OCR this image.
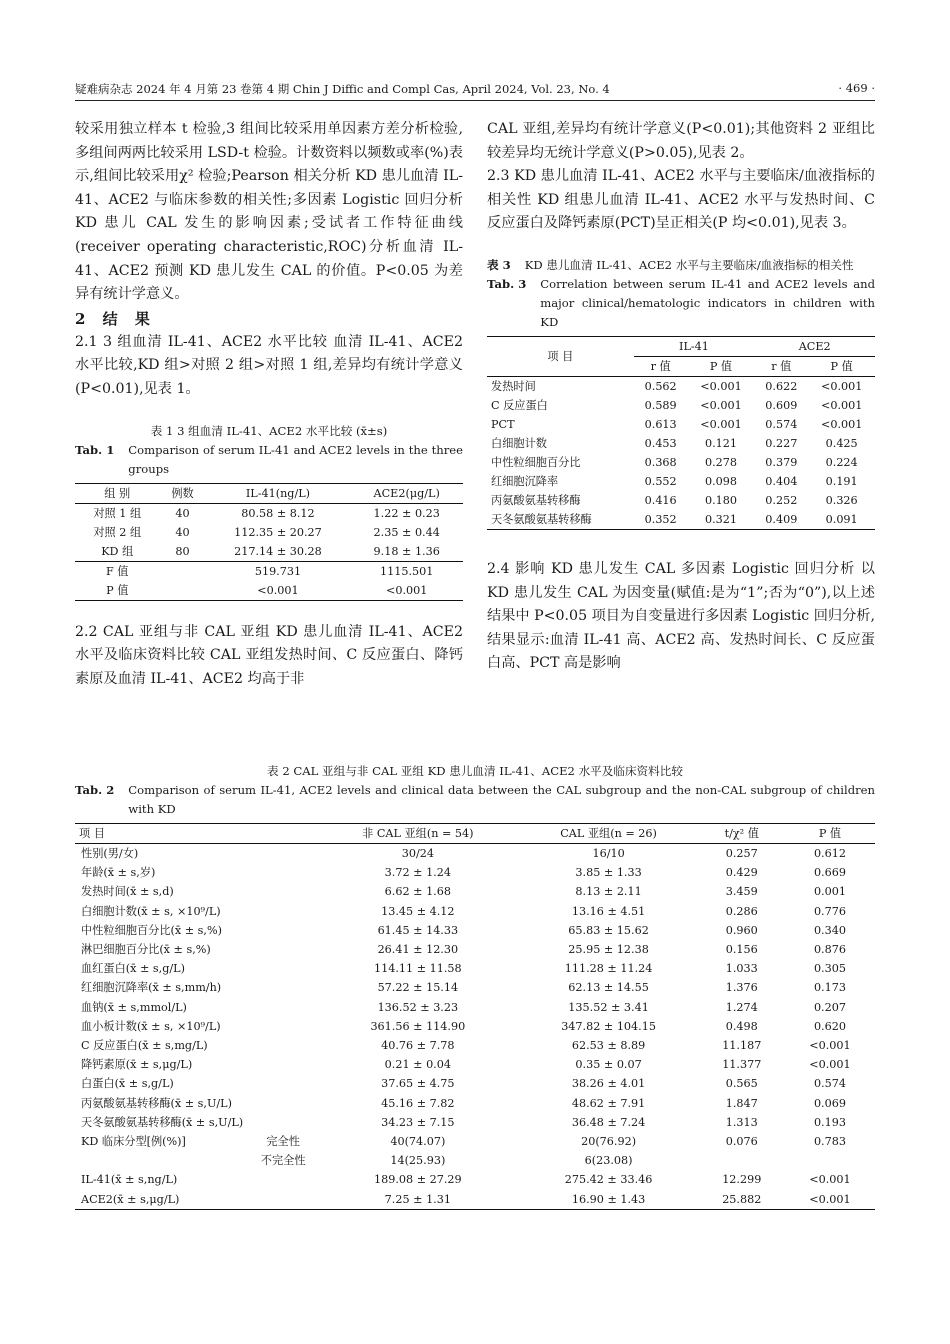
疑难病杂志 2024 年 4 月第 23 卷第 4 期 Chin J Diffic and Compl Cas, April 2024, Vol. 23, No. 4	· 469 ·

较采用独立样本 t 检验,3 组间比较采用单因素方差分析检验,多组间两两比较采用 LSD-t 检验。计数资料以频数或率(%)表示,组间比较采用χ² 检验;Pearson 相关分析 KD 患儿血清 IL-41、ACE2 与临床参数的相关性;多因素 Logistic 回归分析 KD 患儿 CAL 发生的影响因素;受试者工作特征曲线(receiver operating characteristic,ROC)分析血清 IL-41、ACE2 预测 KD 患儿发生 CAL 的价值。P<0.05 为差异有统计学意义。

2 结 果

2.1 3 组血清 IL-41、ACE2 水平比较 血清 IL-41、ACE2 水平比较,KD 组>对照 2 组>对照 1 组,差异均有统计学意义(P<0.01),见表 1。

表 1 3 组血清 IL-41、ACE2 水平比较 (x̄±s)
Tab. 1 Comparison of serum IL-41 and ACE2 levels in the three groups
组 别	例数	IL-41(ng/L)	ACE2(μg/L)
对照 1 组	40	80.58 ± 8.12	1.22 ± 0.23
对照 2 组	40	112.35 ± 20.27	2.35 ± 0.44
KD 组	80	217.14 ± 30.28	9.18 ± 1.36
F 值		519.731	1115.501
P 值		<0.001	<0.001

2.2 CAL 亚组与非 CAL 亚组 KD 患儿血清 IL-41、ACE2 水平及临床资料比较 CAL 亚组发热时间、C 反应蛋白、降钙素原及血清 IL-41、ACE2 均高于非

CAL 亚组,差异均有统计学意义(P<0.01);其他资料 2 亚组比较差异均无统计学意义(P>0.05),见表 2。

2.3 KD 患儿血清 IL-41、ACE2 水平与主要临床/血液指标的相关性 KD 组患儿血清 IL-41、ACE2 水平与发热时间、C 反应蛋白及降钙素原(PCT)呈正相关(P 均<0.01),见表 3。

表 3 KD 患儿血清 IL-41、ACE2 水平与主要临床/血液指标的相关性
Tab. 3 Correlation between serum IL-41 and ACE2 levels and major clinical/hematologic indicators in children with KD
项 目	IL-41		ACE2	
	r 值	P 值	r 值	P 值
发热时间	0.562	<0.001	0.622	<0.001
C 反应蛋白	0.589	<0.001	0.609	<0.001
PCT	0.613	<0.001	0.574	<0.001
白细胞计数	0.453	0.121	0.227	0.425
中性粒细胞百分比	0.368	0.278	0.379	0.224
红细胞沉降率	0.552	0.098	0.404	0.191
丙氨酸氨基转移酶	0.416	0.180	0.252	0.326
天冬氨酸氨基转移酶	0.352	0.321	0.409	0.091

2.4 影响 KD 患儿发生 CAL 多因素 Logistic 回归分析 以 KD 患儿发生 CAL 为因变量(赋值:是为“1”;否为“0”),以上述结果中 P<0.05 项目为自变量进行多因素 Logistic 回归分析,结果显示:血清 IL-41 高、ACE2 高、发热时间长、C 反应蛋白高、PCT 高是影响

表 2 CAL 亚组与非 CAL 亚组 KD 患儿血清 IL-41、ACE2 水平及临床资料比较
Tab. 2 Comparison of serum IL-41, ACE2 levels and clinical data between the CAL subgroup and the non-CAL subgroup of children with KD
项 目		非 CAL 亚组(n = 54)	CAL 亚组(n = 26)	t/χ² 值	P 值
性别(男/女)		30/24	16/10	0.257	0.612
年龄(x̄ ± s,岁)		3.72 ± 1.24	3.85 ± 1.33	0.429	0.669
发热时间(x̄ ± s,d)		6.62 ± 1.68	8.13 ± 2.11	3.459	0.001
白细胞计数(x̄ ± s, ×10⁹/L)		13.45 ± 4.12	13.16 ± 4.51	0.286	0.776
中性粒细胞百分比(x̄ ± s,%)		61.45 ± 14.33	65.83 ± 15.62	0.960	0.340
淋巴细胞百分比(x̄ ± s,%)		26.41 ± 12.30	25.95 ± 12.38	0.156	0.876
血红蛋白(x̄ ± s,g/L)		114.11 ± 11.58	111.28 ± 11.24	1.033	0.305
红细胞沉降率(x̄ ± s,mm/h)		57.22 ± 15.14	62.13 ± 14.55	1.376	0.173
血钠(x̄ ± s,mmol/L)		136.52 ± 3.23	135.52 ± 3.41	1.274	0.207
血小板计数(x̄ ± s, ×10⁹/L)		361.56 ± 114.90	347.82 ± 104.15	0.498	0.620
C 反应蛋白(x̄ ± s,mg/L)		40.76 ± 7.78	62.53 ± 8.89	11.187	<0.001
降钙素原(x̄ ± s,μg/L)		0.21 ± 0.04	0.35 ± 0.07	11.377	<0.001
白蛋白(x̄ ± s,g/L)		37.65 ± 4.75	38.26 ± 4.01	0.565	0.574
丙氨酸氨基转移酶(x̄ ± s,U/L)		45.16 ± 7.82	48.62 ± 7.91	1.847	0.069
天冬氨酸氨基转移酶(x̄ ± s,U/L)		34.23 ± 7.15	36.48 ± 7.24	1.313	0.193
KD 临床分型[例(%)]	完全性	40(74.07)	20(76.92)	0.076	0.783
	不完全性	14(25.93)	6(23.08)		
IL-41(x̄ ± s,ng/L)		189.08 ± 27.29	275.42 ± 33.46	12.299	<0.001
ACE2(x̄ ± s,μg/L)		7.25 ± 1.31	16.90 ± 1.43	25.882	<0.001
